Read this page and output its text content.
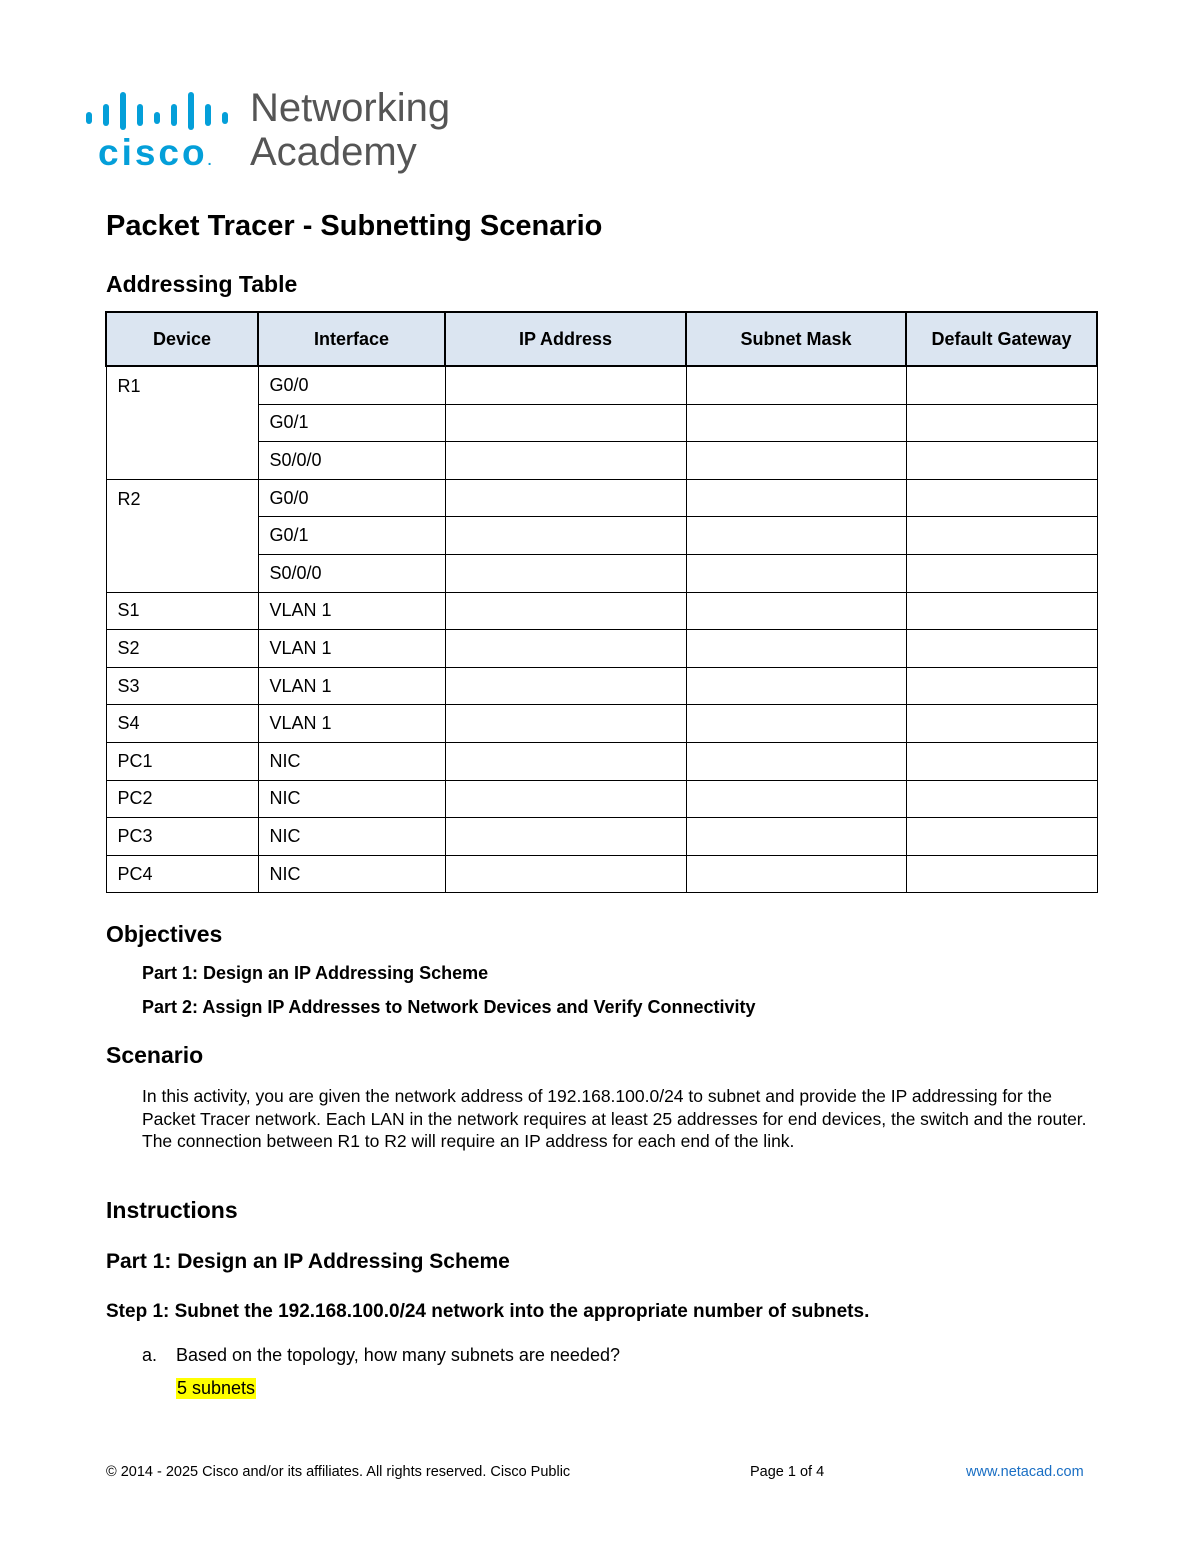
cisco.
Networking
Academy
Packet Tracer - Subnetting Scenario
Addressing Table
Device	Interface	IP Address	Subnet Mask	Default Gateway
R1	G0/0			
	G0/1			
	S0/0/0			
R2	G0/0			
	G0/1			
	S0/0/0			
S1	VLAN 1			
S2	VLAN 1			
S3	VLAN 1			
S4	VLAN 1			
PC1	NIC			
PC2	NIC			
PC3	NIC			
PC4	NIC			
Objectives

Part 1: Design an IP Addressing Scheme

Part 2: Assign IP Addresses to Network Devices and Verify Connectivity

Scenario

In this activity, you are given the network address of 192.168.100.0/24 to subnet and provide the IP addressing for the Packet Tracer network. Each LAN in the network requires at least 25 addresses for end devices, the switch and the router. The connection between R1 to R2 will require an IP address for each end of the link.

Instructions
Part 1: Design an IP Addressing Scheme
Step 1: Subnet the 192.168.100.0/24 network into the appropriate number of subnets.
a. Based on the topology, how many subnets are needed?
5 subnets
© 2014 - 2025 Cisco and/or its affiliates. All rights reserved. Cisco Public	Page 1 of 4	www.netacad.com
